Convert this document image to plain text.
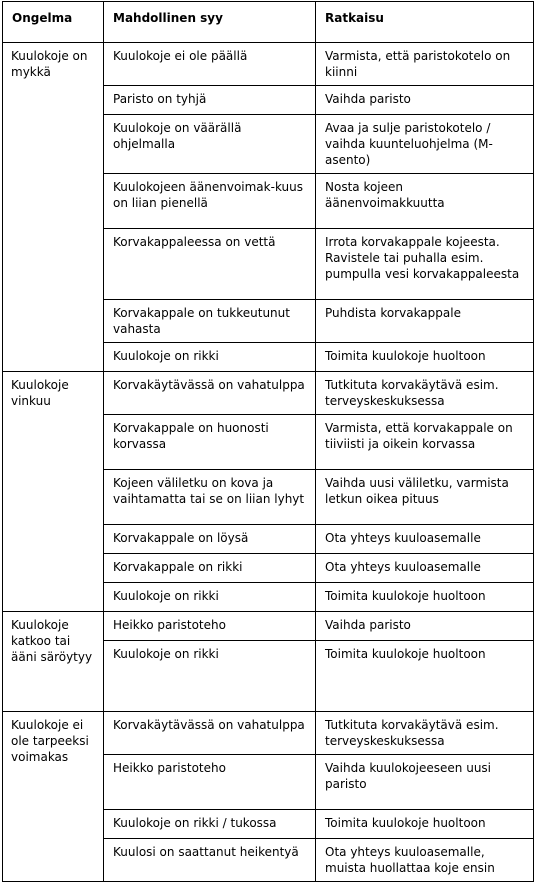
Ongelma	Mahdollinen syy	Ratkaisu
Kuulokoje on mykkä	Kuulokoje ei ole päällä	Varmista, että paristokotelo on kiinni
	Paristo on tyhjä	Vaihda paristo
	Kuulokoje on väärällä ohjelmalla	Avaa ja sulje paristokotelo / vaihda kuunteluohjelma (M-asento)
	Kuulokojeen äänenvoimak-kuus on liian pienellä	Nosta kojeen äänenvoimakkuutta
	Korvakappaleessa on vettä	Irrota korvakappale kojeesta. Ravistele tai puhalla esim. pumpulla vesi korvakappaleesta
	Korvakappale on tukkeutunut vahasta	Puhdista korvakappale
	Kuulokoje on rikki	Toimita kuulokoje huoltoon
Kuulokoje vinkuu	Korvakäytävässä on vahatulppa	Tutkituta korvakäytävä esim. terveyskeskuksessa
	Korvakappale on huonosti korvassa	Varmista, että korvakappale on tiiviisti ja oikein korvassa
	Kojeen väliletku on kova ja vaihtamatta tai se on liian lyhyt	Vaihda uusi väliletku, varmista letkun oikea pituus
	Korvakappale on löysä	Ota yhteys kuuloasemalle
	Korvakappale on rikki	Ota yhteys kuuloasemalle
	Kuulokoje on rikki	Toimita kuulokoje huoltoon
Kuulokoje katkoo tai ääni säröytyy	Heikko paristoteho	Vaihda paristo
	Kuulokoje on rikki	Toimita kuulokoje huoltoon
Kuulokoje ei ole tarpeeksi voimakas	Korvakäytävässä on vahatulppa	Tutkituta korvakäytävä esim. terveyskeskuksessa
	Heikko paristoteho	Vaihda kuulokojeeseen uusi paristo
	Kuulokoje on rikki / tukossa	Toimita kuulokoje huoltoon
	Kuulosi on saattanut heikentyä	Ota yhteys kuuloasemalle, muista huollattaa koje ensin
